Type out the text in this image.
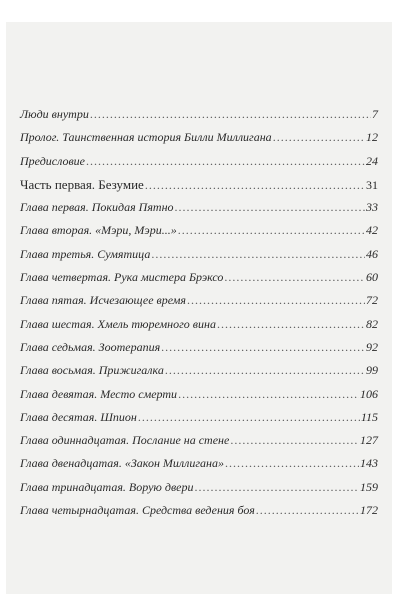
Люди внутри .....	7
Пролог. Таинственная история Билли Миллигана .....	12
Предисловие .....	24
Часть первая. Безумие .....	31
Глава первая. Покидая Пятно .....	33
Глава вторая. «Мэри, Мэри...» .....	42
Глава третья. Сумятица .....	46
Глава четвертая. Рука мистера Брэксо .....	60
Глава пятая. Исчезающее время .....	72
Глава шестая. Хмель тюремного вина .....	82
Глава седьмая. Зоотерапия .....	92
Глава восьмая. Прижигалка .....	99
Глава девятая. Место смерти .....	106
Глава десятая. Шпион .....	115
Глава одиннадцатая. Послание на стене .....	127
Глава двенадцатая. «Закон Миллигана» .....	143
Глава тринадцатая. Ворую двери .....	159
Глава четырнадцатая. Средства ведения боя .....	172
